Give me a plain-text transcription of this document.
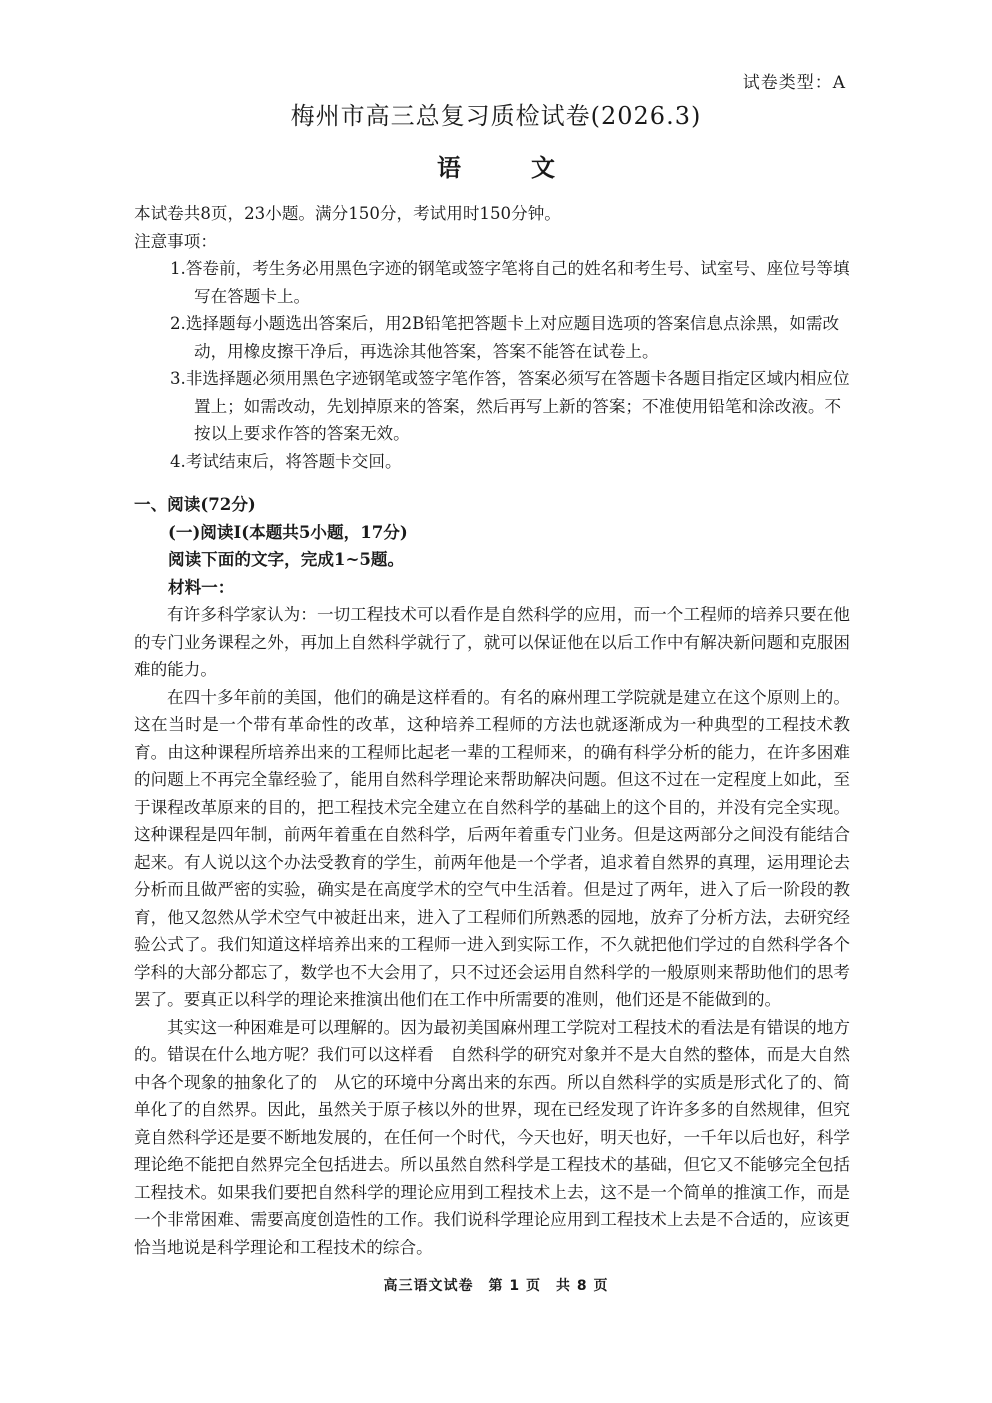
试卷类型：A
梅州市高三总复习质检试卷(2026.3)
语文
本试卷共8页，23小题。满分150分，考试用时150分钟。
注意事项：
1.答卷前，考生务必用黑色字迹的钢笔或签字笔将自己的姓名和考生号、试室号、座位号等填写在答题卡上。
2.选择题每小题选出答案后，用2B铅笔把答题卡上对应题目选项的答案信息点涂黑，如需改动，用橡皮擦干净后，再选涂其他答案，答案不能答在试卷上。
3.非选择题必须用黑色字迹钢笔或签字笔作答，答案必须写在答题卡各题目指定区域内相应位置上；如需改动，先划掉原来的答案，然后再写上新的答案；不准使用铅笔和涂改液。不按以上要求作答的答案无效。
4.考试结束后，将答题卡交回。
一、阅读(72分)
(一)阅读Ⅰ(本题共5小题，17分)
阅读下面的文字，完成1~5题。
材料一：

有许多科学家认为：一切工程技术可以看作是自然科学的应用，而一个工程师的培养只要在他的专门业务课程之外，再加上自然科学就行了，就可以保证他在以后工作中有解决新问题和克服困难的能力。

在四十多年前的美国，他们的确是这样看的。有名的麻州理工学院就是建立在这个原则上的。这在当时是一个带有革命性的改革，这种培养工程师的方法也就逐渐成为一种典型的工程技术教育。由这种课程所培养出来的工程师比起老一辈的工程师来，的确有科学分析的能力，在许多困难的问题上不再完全靠经验了，能用自然科学理论来帮助解决问题。但这不过在一定程度上如此，至于课程改革原来的目的，把工程技术完全建立在自然科学的基础上的这个目的，并没有完全实现。这种课程是四年制，前两年着重在自然科学，后两年着重专门业务。但是这两部分之间没有能结合起来。有人说以这个办法受教育的学生，前两年他是一个学者，追求着自然界的真理，运用理论去分析而且做严密的实验，确实是在高度学术的空气中生活着。但是过了两年，进入了后一阶段的教育，他又忽然从学术空气中被赶出来，进入了工程师们所熟悉的园地，放弃了分析方法，去研究经验公式了。我们知道这样培养出来的工程师一进入到实际工作，不久就把他们学过的自然科学各个学科的大部分都忘了，数学也不大会用了，只不过还会运用自然科学的一般原则来帮助他们的思考罢了。要真正以科学的理论来推演出他们在工作中所需要的准则，他们还是不能做到的。

其实这一种困难是可以理解的。因为最初美国麻州理工学院对工程技术的看法是有错误的地方的。错误在什么地方呢？我们可以这样看　自然科学的研究对象并不是大自然的整体，而是大自然中各个现象的抽象化了的　从它的环境中分离出来的东西。所以自然科学的实质是形式化了的、简单化了的自然界。因此，虽然关于原子核以外的世界，现在已经发现了许许多多的自然规律，但究竟自然科学还是要不断地发展的，在任何一个时代，今天也好，明天也好，一千年以后也好，科学理论绝不能把自然界完全包括进去。所以虽然自然科学是工程技术的基础，但它又不能够完全包括工程技术。如果我们要把自然科学的理论应用到工程技术上去，这不是一个简单的推演工作，而是一个非常困难、需要高度创造性的工作。我们说科学理论应用到工程技术上去是不合适的，应该更恰当地说是科学理论和工程技术的综合。

高三语文试卷　第 1 页　共 8 页
